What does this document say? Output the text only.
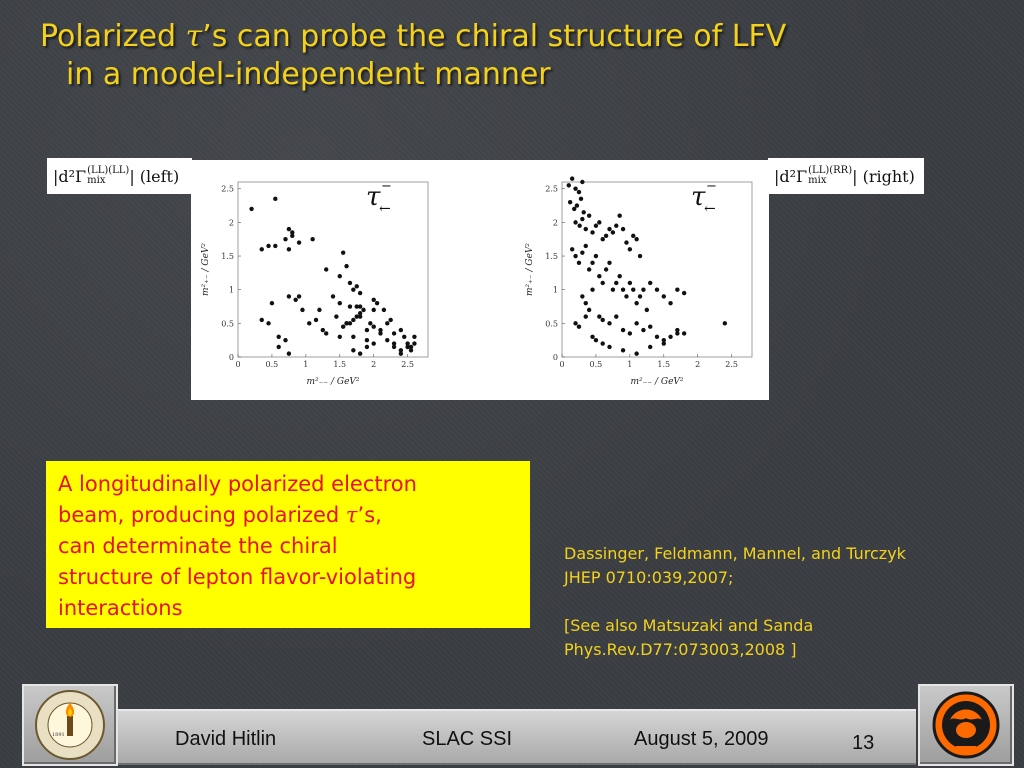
Polarized τ’s can probe the chiral structure of LFV
in a model-independent manner
|d ²Γ (LL)(LL)
mix	| (left)	|d ²Γ (LL)(RR)
mix	| (right)
0	0.5	1	1.5	2	2.5
0
0.5
1
1.5
2
2.5
m²₋₋ / GeV²
m²₊₋ / GeV²
τ −
←
0	0.5	1	1.5	2	2.5
0
0.5
1
1.5
2
2.5
m²₋₋ / GeV²
m²₊₋ / GeV²
τ −
←
A longitudinally polarized electron
beam, producing polarized τ’s,
can determinate the chiral
structure of lepton flavor-violating
interactions
Dassinger, Feldmann, Mannel, and Turczyk
JHEP 0710:039,2007;
[See also Matsuzaki and Sanda
Phys.Rev.D77:073003,2008 ]
1891	David Hitlin	SLAC SSI	August 5, 2009	13
